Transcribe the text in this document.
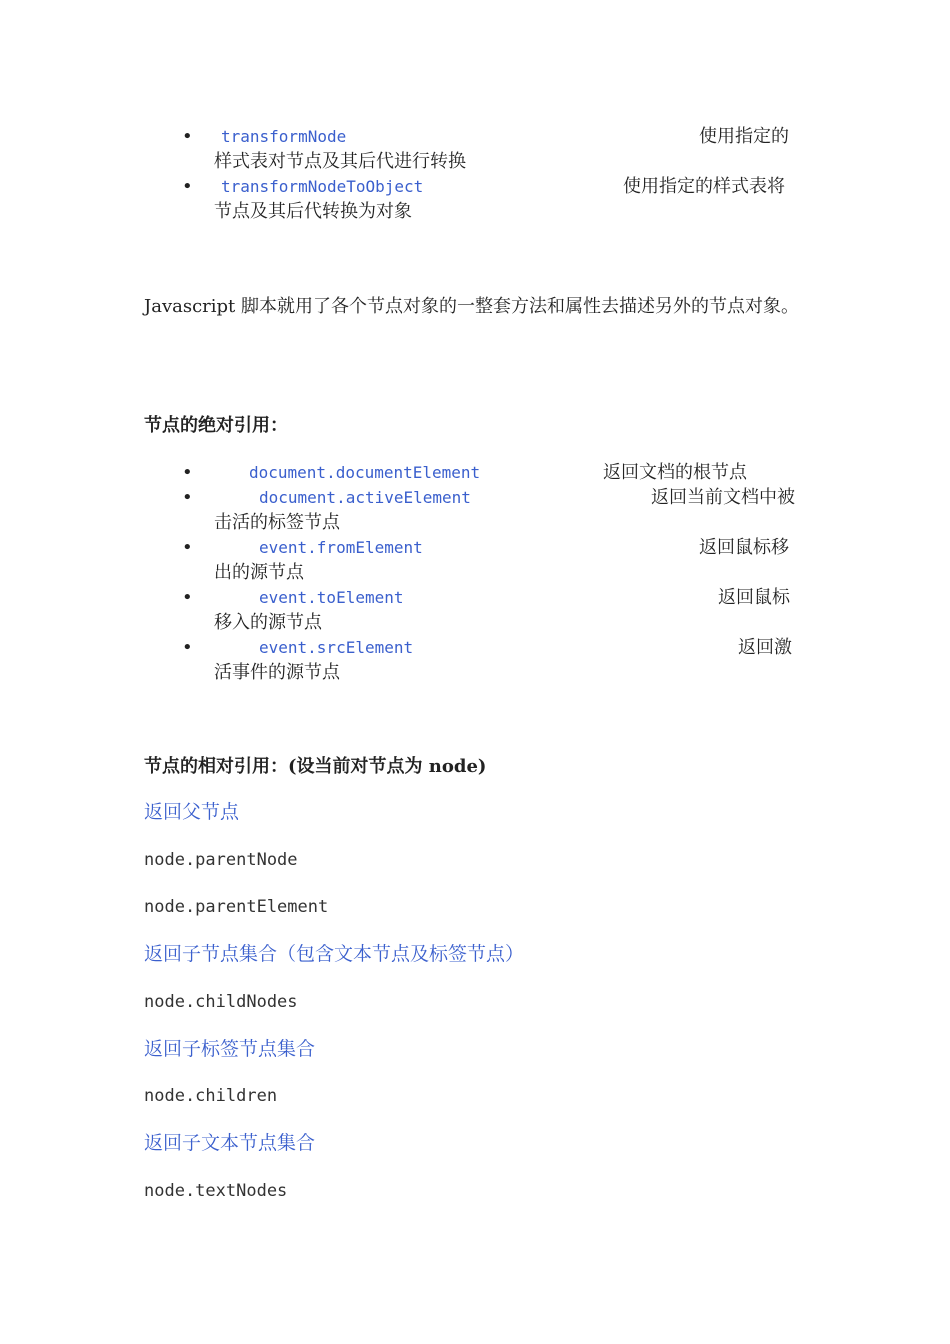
• transformNode	使用指定的
样式表对节点及其后代进行转换
• transformNodeToObject	使用指定的样式表将
节点及其后代转换为对象
Javascript 脚本就用了各个节点对象的一整套方法和属性去描述另外的节点对象。
节点的绝对引用：
•	document.documentElement	返回文档的根节点
•	document.activeElement	返回当前文档中被
击活的标签节点
•	event.fromElement	返回鼠标移
出的源节点
•	event.toElement	返回鼠标
移入的源节点
•	event.srcElement	返回激
活事件的源节点
节点的相对引用：(设当前对节点为 node)
返回父节点
node.parentNode
node.parentElement
返回子节点集合（包含文本节点及标签节点）
node.childNodes
返回子标签节点集合
node.children
返回子文本节点集合
node.textNodes
